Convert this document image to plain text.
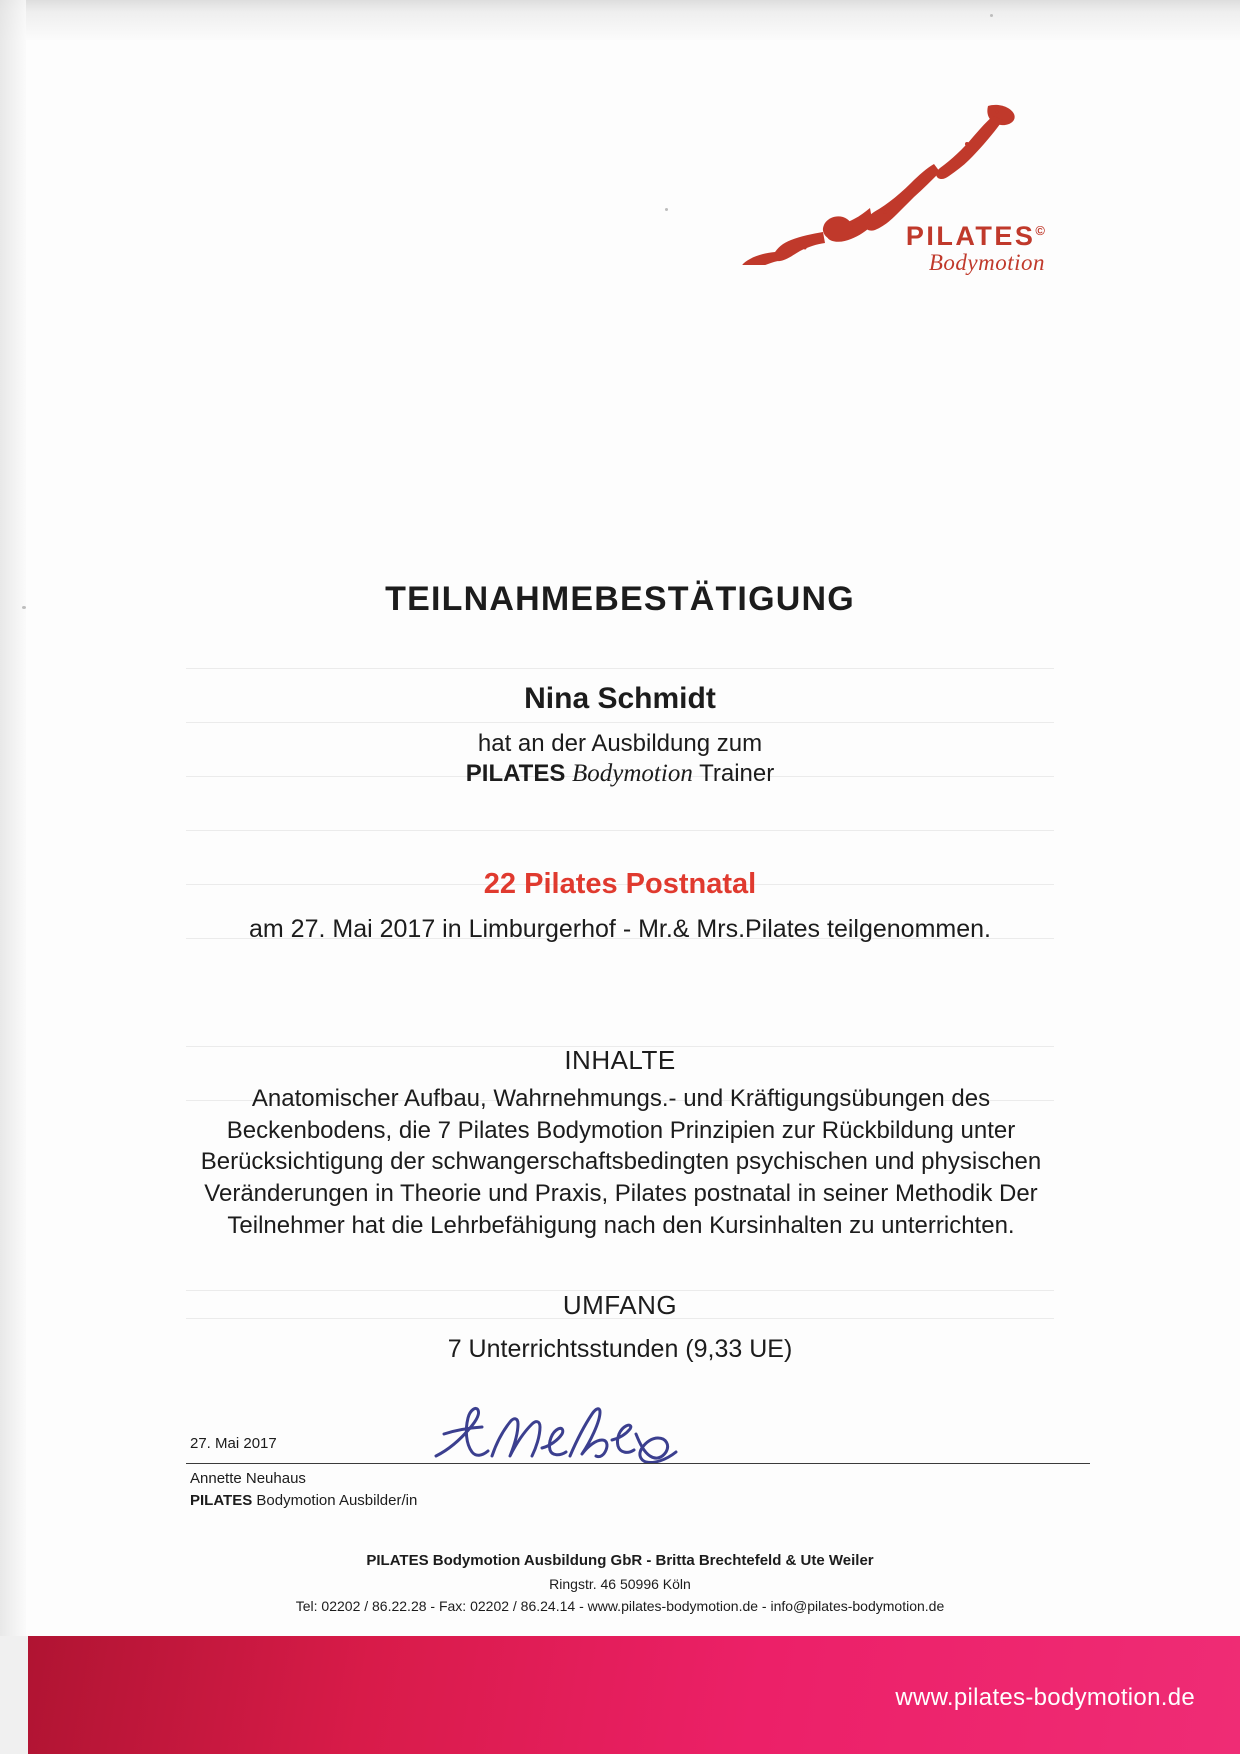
PILATES©
Bodymotion
TEILNAHMEBESTÄTIGUNG
Nina Schmidt
hat an der Ausbildung zum
PILATES Bodymotion Trainer
22 Pilates Postnatal
am 27. Mai 2017 in Limburgerhof - Mr.& Mrs.Pilates teilgenommen.
INHALTE
Anatomischer Aufbau, Wahrnehmungs.- und Kräftigungsübungen des Beckenbodens, die 7 Pilates Bodymotion Prinzipien zur Rückbildung unter Berücksichtigung der schwangerschaftsbedingten psychischen und physischen Veränderungen in Theorie und Praxis, Pilates postnatal in seiner Methodik Der Teilnehmer hat die Lehrbefähigung nach den Kursinhalten zu unterrichten.
UMFANG
7 Unterrichtsstunden (9,33 UE)
27. Mai 2017
Annette Neuhaus
PILATES Bodymotion Ausbilder/in
PILATES Bodymotion Ausbildung GbR - Britta Brechtefeld & Ute Weiler
Ringstr. 46 50996 Köln
Tel: 02202 / 86.22.28 - Fax: 02202 / 86.24.14 - www.pilates-bodymotion.de - info@pilates-bodymotion.de
www.pilates-bodymotion.de
